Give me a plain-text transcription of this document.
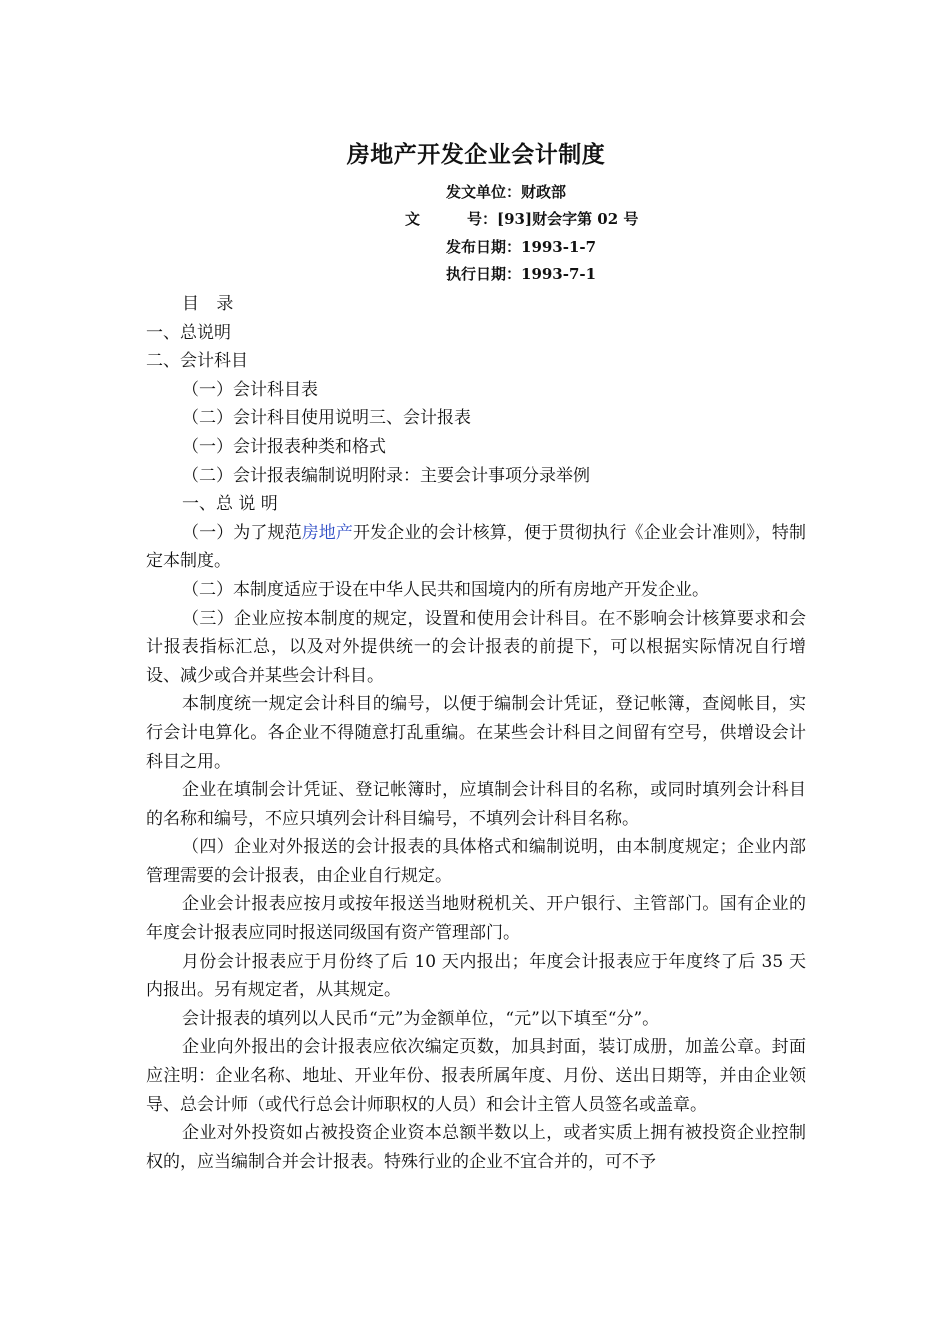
房地产开发企业会计制度
发文单位：财政部
文	号：[93]财会字第 02 号
发布日期：1993-1-7
执行日期：1993-7-1

目 录

一、总说明

二、会计科目

（一）会计科目表

（二）会计科目使用说明三、会计报表

（一）会计报表种类和格式

（二）会计报表编制说明附录：主要会计事项分录举例

一、总 说 明

（一）为了规范房地产开发企业的会计核算，便于贯彻执行《企业会计准则》，特制定本制度。

（二）本制度适应于设在中华人民共和国境内的所有房地产开发企业。

（三）企业应按本制度的规定，设置和使用会计科目。在不影响会计核算要求和会计报表指标汇总，以及对外提供统一的会计报表的前提下，可以根据实际情况自行增设、减少或合并某些会计科目。

本制度统一规定会计科目的编号，以便于编制会计凭证，登记帐簿，查阅帐目，实行会计电算化。各企业不得随意打乱重编。在某些会计科目之间留有空号，供增设会计科目之用。

企业在填制会计凭证、登记帐簿时，应填制会计科目的名称，或同时填列会计科目的名称和编号，不应只填列会计科目编号，不填列会计科目名称。

（四）企业对外报送的会计报表的具体格式和编制说明，由本制度规定；企业内部管理需要的会计报表，由企业自行规定。

企业会计报表应按月或按年报送当地财税机关、开户银行、主管部门。国有企业的年度会计报表应同时报送同级国有资产管理部门。

月份会计报表应于月份终了后 10 天内报出；年度会计报表应于年度终了后 35 天内报出。另有规定者，从其规定。

会计报表的填列以人民币“元”为金额单位，“元”以下填至“分”。

企业向外报出的会计报表应依次编定页数，加具封面，装订成册，加盖公章。封面应注明：企业名称、地址、开业年份、报表所属年度、月份、送出日期等，并由企业领导、总会计师（或代行总会计师职权的人员）和会计主管人员签名或盖章。

企业对外投资如占被投资企业资本总额半数以上，或者实质上拥有被投资企业控制权的，应当编制合并会计报表。特殊行业的企业不宜合并的，可不予
